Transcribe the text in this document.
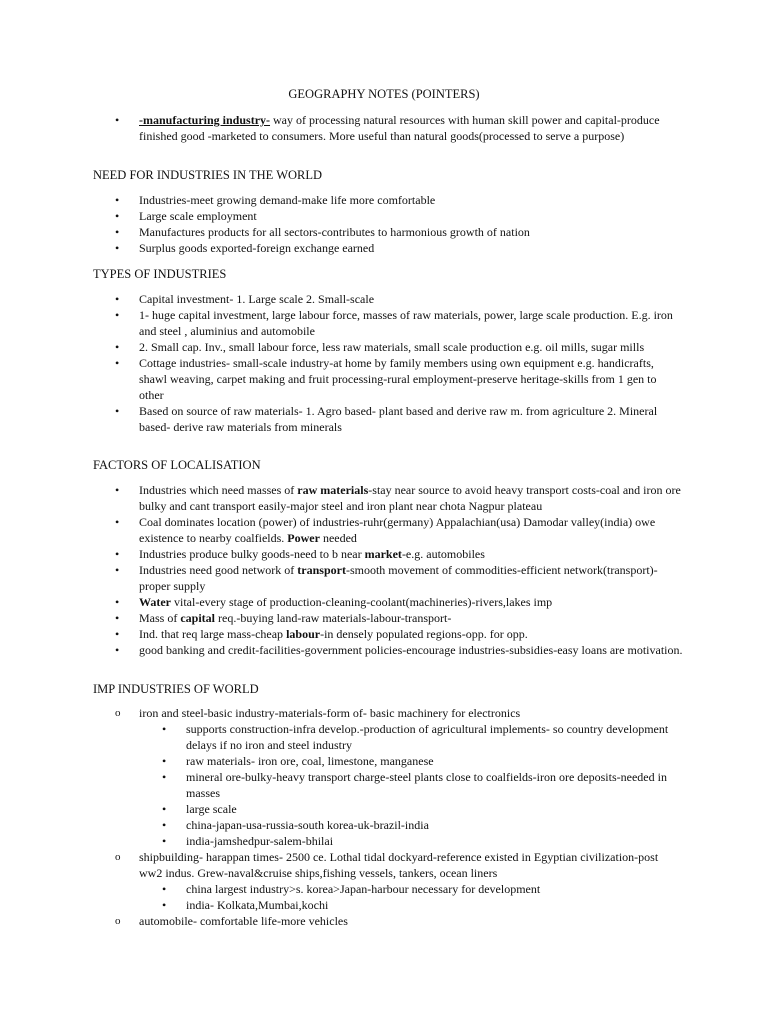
GEOGRAPHY NOTES (POINTERS)
• -manufacturing industry- way of processing natural resources with human skill power and capital-produce finished good -marketed to consumers. More useful than natural goods(processed to serve a purpose)
NEED FOR INDUSTRIES IN THE WORLD
• Industries-meet growing demand-make life more comfortable
• Large scale employment
• Manufactures products for all sectors-contributes to harmonious growth of nation
• Surplus goods exported-foreign exchange earned
TYPES OF INDUSTRIES
• Capital investment- 1. Large scale 2. Small-scale
• 1- huge capital investment, large labour force, masses of raw materials, power, large scale production. E.g. iron and steel , aluminius and automobile
• 2. Small cap. Inv., small labour force, less raw materials, small scale production e.g. oil mills, sugar mills
• Cottage industries- small-scale industry-at home by family members using own equipment e.g. handicrafts, shawl weaving, carpet making and fruit processing-rural employment-preserve heritage-skills from 1 gen to other
• Based on source of raw materials- 1. Agro based- plant based and derive raw m. from agriculture 2. Mineral based- derive raw materials from minerals
FACTORS OF LOCALISATION
• Industries which need masses of raw materials-stay near source to avoid heavy transport costs-coal and iron ore bulky and cant transport easily-major steel and iron plant near chota Nagpur plateau
• Coal dominates location (power) of industries-ruhr(germany) Appalachian(usa) Damodar valley(india) owe existence to nearby coalfields. Power needed
• Industries produce bulky goods-need to b near market-e.g. automobiles
• Industries need good network of transport-smooth movement of commodities-efficient network(transport)-proper supply
• Water vital-every stage of production-cleaning-coolant(machineries)-rivers,lakes imp
• Mass of capital req.-buying land-raw materials-labour-transport-
• Ind. that req large mass-cheap labour-in densely populated regions-opp. for opp.
• good banking and credit-facilities-government policies-encourage industries-subsidies-easy loans are motivation.
IMP INDUSTRIES OF WORLD
o iron and steel-basic industry-materials-form of- basic machinery for electronics
• supports construction-infra develop.-production of agricultural implements- so country development delays if no iron and steel industry
• raw materials- iron ore, coal, limestone, manganese
• mineral ore-bulky-heavy transport charge-steel plants close to coalfields-iron ore deposits-needed in masses
• large scale
• china-japan-usa-russia-south korea-uk-brazil-india
• india-jamshedpur-salem-bhilai
o shipbuilding- harappan times- 2500 ce. Lothal tidal dockyard-reference existed in Egyptian civilization-post ww2 indus. Grew-naval&cruise ships,fishing vessels, tankers, ocean liners
• china largest industry>s. korea>Japan-harbour necessary for development
• india- Kolkata,Mumbai,kochi
o automobile- comfortable life-more vehicles
